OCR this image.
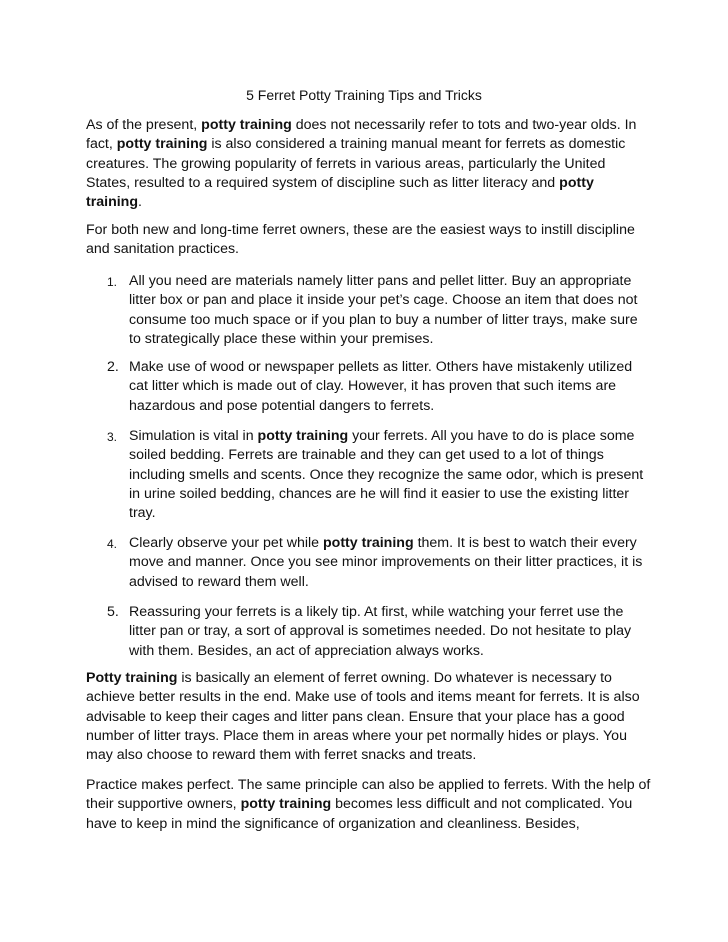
5 Ferret Potty Training Tips and Tricks

As of the present, potty training does not necessarily refer to tots and two-year olds. In fact, potty training is also considered a training manual meant for ferrets as domestic creatures. The growing popularity of ferrets in various areas, particularly the United States, resulted to a required system of discipline such as litter literacy and potty training.

For both new and long-time ferret owners, these are the easiest ways to instill discipline and sanitation practices.

1. All you need are materials namely litter pans and pellet litter. Buy an appropriate litter box or pan and place it inside your pet’s cage. Choose an item that does not consume too much space or if you plan to buy a number of litter trays, make sure to strategically place these within your premises.

2. Make use of wood or newspaper pellets as litter. Others have mistakenly utilized cat litter which is made out of clay. However, it has proven that such items are hazardous and pose potential dangers to ferrets.

3. Simulation is vital in potty training your ferrets. All you have to do is place some soiled bedding. Ferrets are trainable and they can get used to a lot of things including smells and scents. Once they recognize the same odor, which is present in urine soiled bedding, chances are he will find it easier to use the existing litter tray.

4. Clearly observe your pet while potty training them. It is best to watch their every move and manner. Once you see minor improvements on their litter practices, it is advised to reward them well.

5. Reassuring your ferrets is a likely tip. At first, while watching your ferret use the litter pan or tray, a sort of approval is sometimes needed. Do not hesitate to play with them. Besides, an act of appreciation always works.

Potty training is basically an element of ferret owning. Do whatever is necessary to achieve better results in the end. Make use of tools and items meant for ferrets. It is also advisable to keep their cages and litter pans clean. Ensure that your place has a good number of litter trays. Place them in areas where your pet normally hides or plays. You may also choose to reward them with ferret snacks and treats.

Practice makes perfect. The same principle can also be applied to ferrets. With the help of their supportive owners, potty training becomes less difficult and not complicated. You have to keep in mind the significance of organization and cleanliness. Besides,
